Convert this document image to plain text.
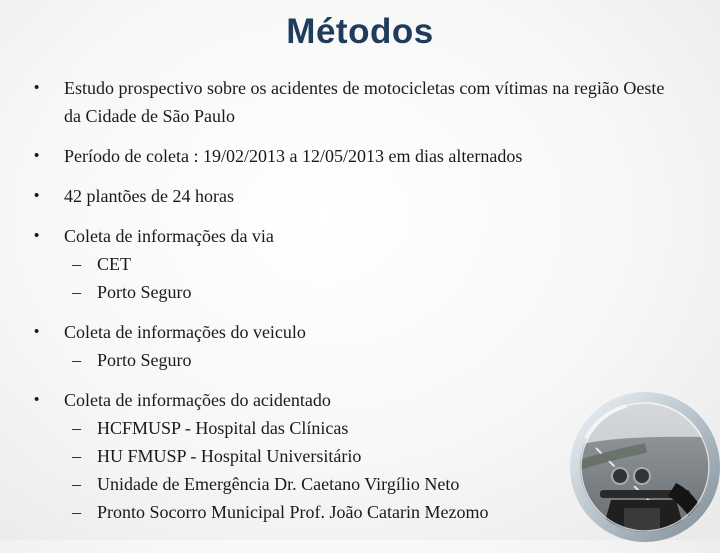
Métodos
• Estudo prospectivo sobre os acidentes de motocicletas com vítimas na região Oeste da Cidade de São Paulo
• Período de coleta : 19/02/2013 a 12/05/2013 em dias alternados
• 42 plantões de 24 horas
• Coleta de informações da via
– CET
– Porto Seguro
• Coleta de informações do veiculo
– Porto Seguro
• Coleta de informações do acidentado
– HCFMUSP - Hospital das Clínicas
– HU FMUSP - Hospital Universitário
– Unidade de Emergência Dr. Caetano Virgílio Neto
– Pronto Socorro Municipal Prof. João Catarin Mezomo
